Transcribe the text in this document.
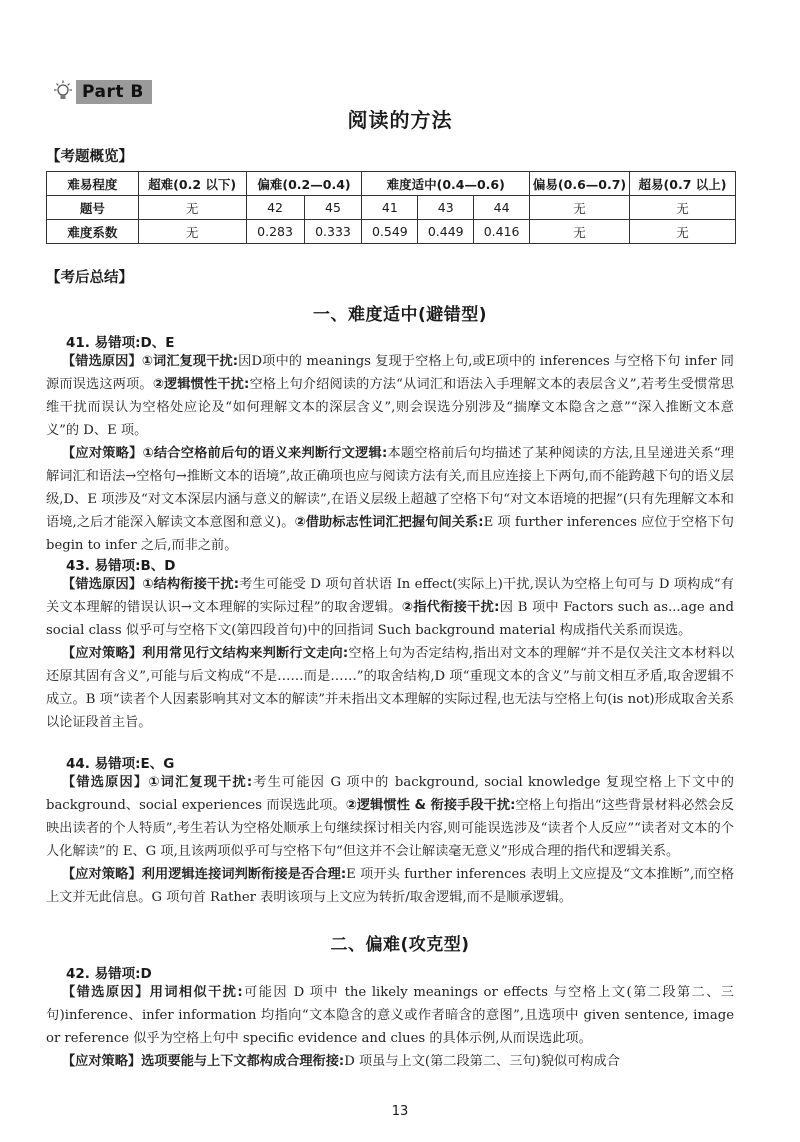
Part B
阅读的方法
【考题概览】
难易程度	超难(0.2 以下)	偏难(0.2—0.4)		难度适中(0.4—0.6)			偏易(0.6—0.7)	超易(0.7 以上)
题号	无	42	45	41	43	44	无	无
难度系数	无	0.283	0.333	0.549	0.449	0.416	无	无
【考后总结】
一、难度适中(避错型)
41. 易错项:D、E

【错选原因】①词汇复现干扰:因D项中的 meanings 复现于空格上句,或E项中的 inferences 与空格下句 infer 同源而误选这两项。②逻辑惯性干扰:空格上句介绍阅读的方法“从词汇和语法入手理解文本的表层含义”,若考生受惯常思维干扰而误认为空格处应论及“如何理解文本的深层含义”,则会误选分别涉及“揣摩文本隐含之意”“深入推断文本意义”的 D、E 项。

【应对策略】①结合空格前后句的语义来判断行文逻辑:本题空格前后句均描述了某种阅读的方法,且呈递进关系“理解词汇和语法→空格句→推断文本的语境”,故正确项也应与阅读方法有关,而且应连接上下两句,而不能跨越下句的语义层级,D、E 项涉及“对文本深层内涵与意义的解读”,在语义层级上超越了空格下句“对文本语境的把握”(只有先理解文本和语境,之后才能深入解读文本意图和意义)。②借助标志性词汇把握句间关系:E 项 further inferences 应位于空格下句 begin to infer 之后,而非之前。

43. 易错项:B、D

【错选原因】①结构衔接干扰:考生可能受 D 项句首状语 In effect(实际上)干扰,误认为空格上句可与 D 项构成“有关文本理解的错误认识→文本理解的实际过程”的取舍逻辑。②指代衔接干扰:因 B 项中 Factors such as...age and social class 似乎可与空格下文(第四段首句)中的回指词 Such background material 构成指代关系而误选。

【应对策略】利用常见行文结构来判断行文走向:空格上句为否定结构,指出对文本的理解“并不是仅关注文本材料以还原其固有含义”,可能与后文构成“不是……而是……”的取舍结构,D 项“重现文本的含义”与前文相互矛盾,取舍逻辑不成立。B 项“读者个人因素影响其对文本的解读”并未指出文本理解的实际过程,也无法与空格上句(is not)形成取舍关系以论证段首主旨。

44. 易错项:E、G

【错选原因】①词汇复现干扰:考生可能因 G 项中的 background, social knowledge 复现空格上下文中的 background、social experiences 而误选此项。②逻辑惯性 & 衔接手段干扰:空格上句指出“这些背景材料必然会反映出读者的个人特质”,考生若认为空格处顺承上句继续探讨相关内容,则可能误选涉及“读者个人反应”“读者对文本的个人化解读”的 E、G 项,且该两项似乎可与空格下句“但这并不会让解读毫无意义”形成合理的指代和逻辑关系。

【应对策略】利用逻辑连接词判断衔接是否合理:E 项开头 further inferences 表明上文应提及“文本推断”,而空格上文并无此信息。G 项句首 Rather 表明该项与上文应为转折/取舍逻辑,而不是顺承逻辑。

二、偏难(攻克型)
42. 易错项:D

【错选原因】用词相似干扰:可能因 D 项中 the likely meanings or effects 与空格上文(第二段第二、三句)inference、infer information 均指向“文本隐含的意义或作者暗含的意图”,且选项中 given sentence, image or reference 似乎为空格上句中 specific evidence and clues 的具体示例,从而误选此项。

【应对策略】选项要能与上下文都构成合理衔接:D 项虽与上文(第二段第二、三句)貌似可构成合

13
